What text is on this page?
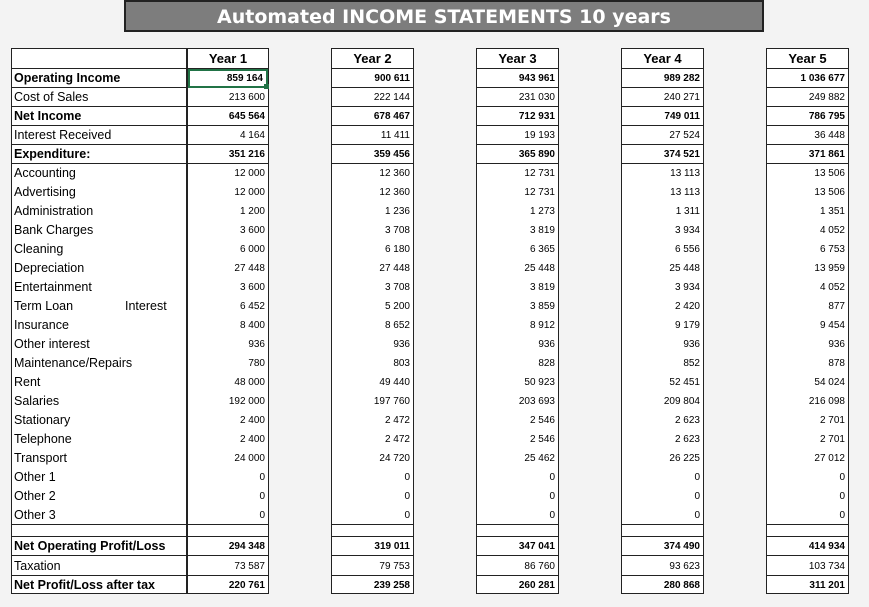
Automated INCOME STATEMENTS 10 years
Operating Income
Cost of Sales
Net Income
Interest Received
Expenditure:
Accounting
Advertising
Administration
Bank Charges
Cleaning
Depreciation
Entertainment
Term Loan	Interest
Insurance
Other interest
Maintenance/Repairs
Rent
Salaries
Stationary
Telephone
Transport
Other 1
Other 2
Other 3
Net Operating Profit/Loss
Taxation
Net Profit/Loss after tax
Year 1
859 164
213 600
645 564
4 164
351 216
12 000
12 000
1 200
3 600
6 000
27 448
3 600
6 452
8 400
936
780
48 000
192 000
2 400
2 400
24 000
0
0
0
294 348
73 587
220 761
Year 2
900 611
222 144
678 467
11 411
359 456
12 360
12 360
1 236
3 708
6 180
27 448
3 708
5 200
8 652
936
803
49 440
197 760
2 472
2 472
24 720
0
0
0
319 011
79 753
239 258
Year 3
943 961
231 030
712 931
19 193
365 890
12 731
12 731
1 273
3 819
6 365
25 448
3 819
3 859
8 912
936
828
50 923
203 693
2 546
2 546
25 462
0
0
0
347 041
86 760
260 281
Year 4
989 282
240 271
749 011
27 524
374 521
13 113
13 113
1 311
3 934
6 556
25 448
3 934
2 420
9 179
936
852
52 451
209 804
2 623
2 623
26 225
0
0
0
374 490
93 623
280 868
Year 5
1 036 677
249 882
786 795
36 448
371 861
13 506
13 506
1 351
4 052
6 753
13 959
4 052
877
9 454
936
878
54 024
216 098
2 701
2 701
27 012
0
0
0
414 934
103 734
311 201
